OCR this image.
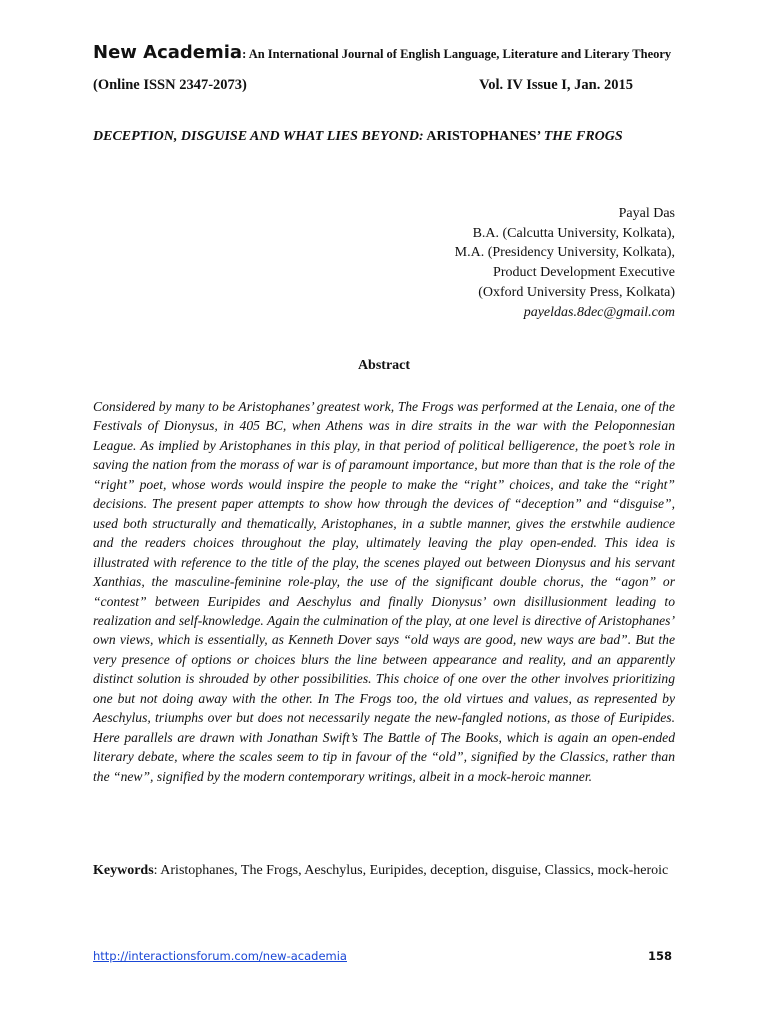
New Academia: An International Journal of English Language, Literature and Literary Theory
(Online ISSN 2347-2073)	Vol. IV Issue I, Jan. 2015
DECEPTION, DISGUISE AND WHAT LIES BEYOND: ARISTOPHANES’ THE FROGS
Payal Das
B.A. (Calcutta University, Kolkata),
M.A. (Presidency University, Kolkata),
Product Development Executive
(Oxford University Press, Kolkata)
payeldas.8dec@gmail.com
Abstract

Considered by many to be Aristophanes’ greatest work, The Frogs was performed at the Lenaia, one of the Festivals of Dionysus, in 405 BC, when Athens was in dire straits in the war with the Peloponnesian League. As implied by Aristophanes in this play, in that period of political belligerence, the poet’s role in saving the nation from the morass of war is of paramount importance, but more than that is the role of the “right” poet, whose words would inspire the people to make the “right” choices, and take the “right” decisions. The present paper attempts to show how through the devices of “deception” and “disguise”, used both structurally and thematically, Aristophanes, in a subtle manner, gives the erstwhile audience and the readers choices throughout the play, ultimately leaving the play open-ended. This idea is illustrated with reference to the title of the play, the scenes played out between Dionysus and his servant Xanthias, the masculine-feminine role-play, the use of the significant double chorus, the “agon” or “contest” between Euripides and Aeschylus and finally Dionysus’ own disillusionment leading to realization and self-knowledge. Again the culmination of the play, at one level is directive of Aristophanes’ own views, which is essentially, as Kenneth Dover says “old ways are good, new ways are bad”. But the very presence of options or choices blurs the line between appearance and reality, and an apparently distinct solution is shrouded by other possibilities. This choice of one over the other involves prioritizing one but not doing away with the other. In The Frogs too, the old virtues and values, as represented by Aeschylus, triumphs over but does not necessarily negate the new-fangled notions, as those of Euripides. Here parallels are drawn with Jonathan Swift’s The Battle of The Books, which is again an open-ended literary debate, where the scales seem to tip in favour of the “old”, signified by the Classics, rather than the “new”, signified by the modern contemporary writings, albeit in a mock-heroic manner.

Keywords: Aristophanes, The Frogs, Aeschylus, Euripides, deception, disguise, Classics, mock-heroic

http://interactionsforum.com/new-academia	158
